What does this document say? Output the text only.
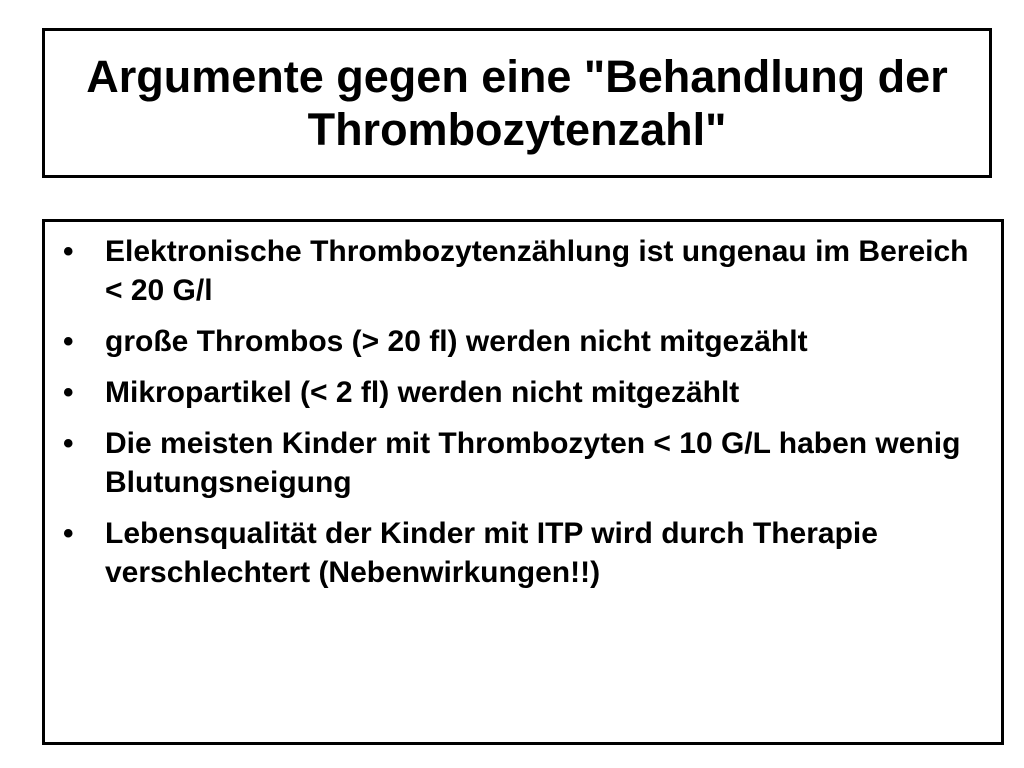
Argumente gegen eine "Behandlung der Thrombozytenzahl"
• Elektronische Thrombozytenzählung ist ungenau im Bereich < 20 G/l
• große Thrombos (> 20 fl) werden nicht mitgezählt
• Mikropartikel (< 2 fl) werden nicht mitgezählt
• Die meisten Kinder mit Thrombozyten < 10 G/L haben wenig Blutungsneigung
• Lebensqualität der Kinder mit ITP wird durch Therapie verschlechtert (Nebenwirkungen!!)
